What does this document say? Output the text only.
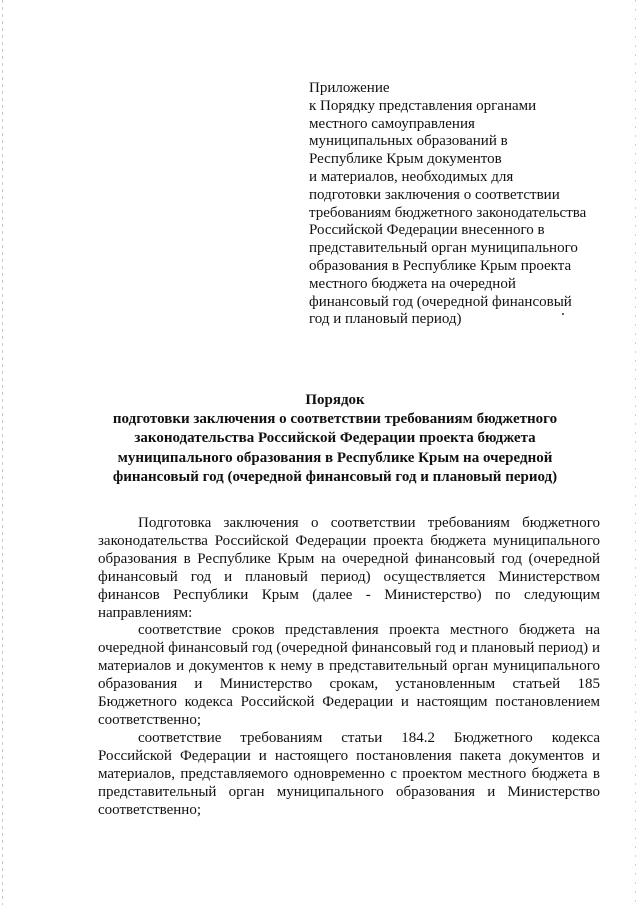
Приложение
к Порядку представления органами
местного самоуправления
муниципальных образований в
Республике Крым документов
и материалов, необходимых для
подготовки заключения о соответствии
требованиям бюджетного законодательства
Российской Федерации внесенного в
представительный орган муниципального
образования в Республике Крым проекта
местного бюджета на очередной
финансовый год (очередной финансовый
год и плановый период)
Порядок
подготовки заключения о соответствии требованиям бюджетного
законодательства Российской Федерации проекта бюджета
муниципального образования в Республике Крым на очередной
финансовый год (очередной финансовый год и плановый период)

Подготовка заключения о соответствии требованиям бюджетного законодательства Российской Федерации проекта бюджета муниципального образования в Республике Крым на очередной финансовый год (очередной финансовый год и плановый период) осуществляется Министерством финансов Республики Крым (далее - Министерство) по следующим направлениям:

соответствие сроков представления проекта местного бюджета на очередной финансовый год (очередной финансовый год и плановый период) и материалов и документов к нему в представительный орган муниципального образования и Министерство срокам, установленным статьей 185 Бюджетного кодекса Российской Федерации и настоящим постановлением соответственно;

соответствие требованиям статьи 184.2 Бюджетного кодекса Российской Федерации и настоящего постановления пакета документов и материалов, представляемого одновременно с проектом местного бюджета в представительный орган муниципального образования и Министерство соответственно;
